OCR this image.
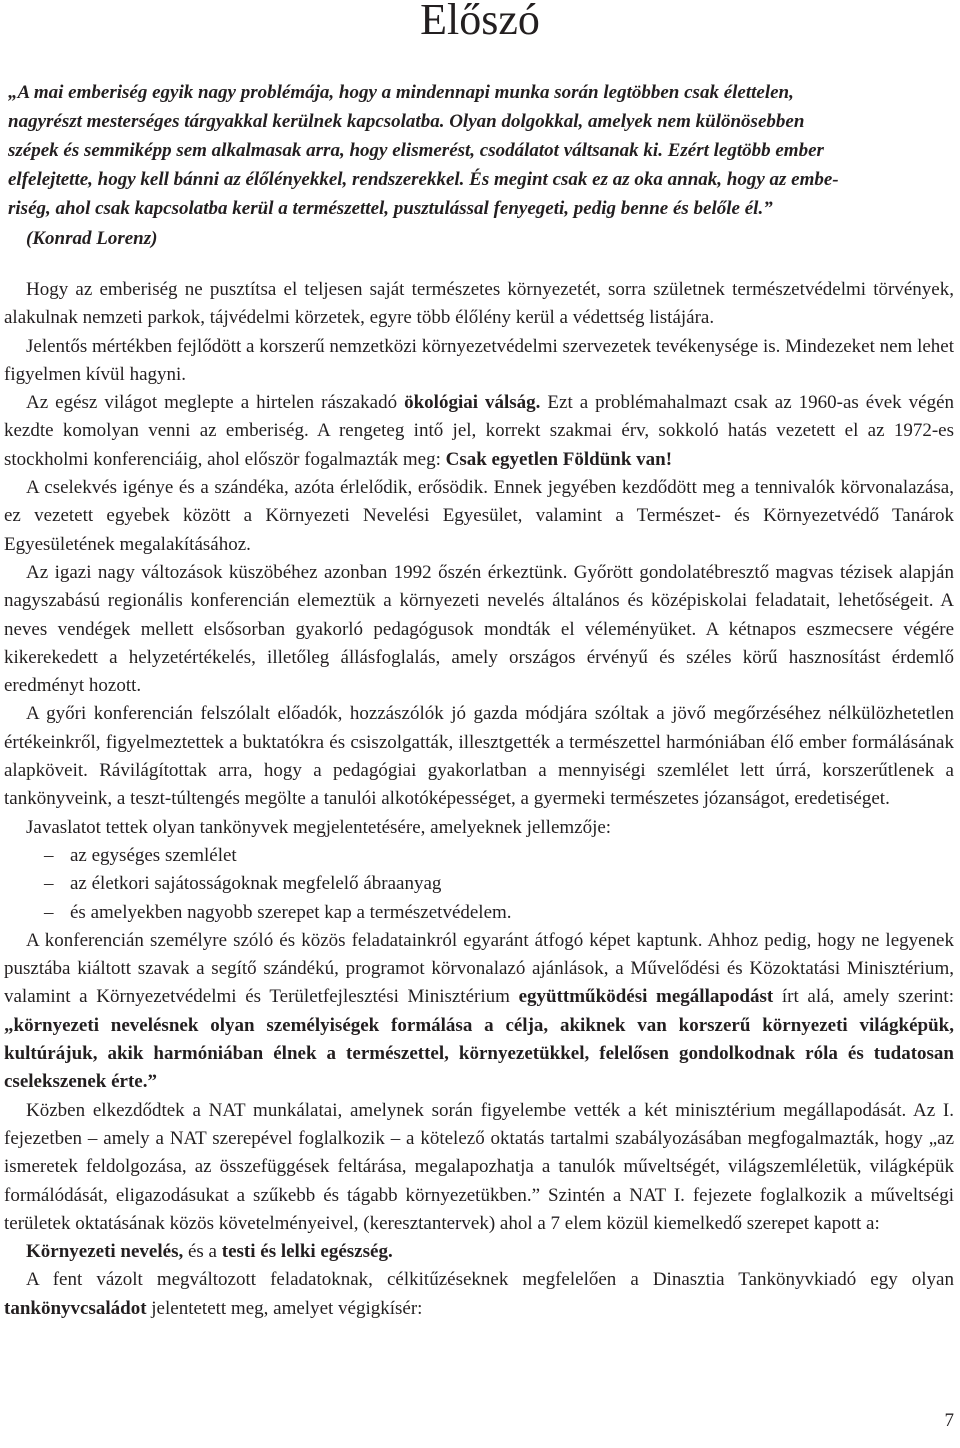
Előszó
„A mai emberiség egyik nagy problémája, hogy a mindennapi munka során legtöbben csak élettelen,
nagyrészt mesterséges tárgyakkal kerülnek kapcsolatba. Olyan dolgokkal, amelyek nem különösebben
szépek és semmiképp sem alkalmasak arra, hogy elismerést, csodálatot váltsanak ki. Ezért legtöbb ember
elfelejtette, hogy kell bánni az élőlényekkel, rendszerekkel. És megint csak ez az oka annak, hogy az embe-
riség, ahol csak kapcsolatba kerül a természettel, pusztulással fenyegeti, pedig benne és belőle él.”
(Konrad Lorenz)

Hogy az emberiség ne pusztítsa el teljesen saját természetes környezetét, sorra születnek természetvédelmi törvények, alakulnak nemzeti parkok, tájvédelmi körzetek, egyre több élőlény kerül a védettség listájára.

Jelentős mértékben fejlődött a korszerű nemzetközi környezetvédelmi szervezetek tevékenysége is. Mindezeket nem lehet figyelmen kívül hagyni.

Az egész világot meglepte a hirtelen rászakadó ökológiai válság. Ezt a problémahalmazt csak az 1960-as évek végén kezdte komolyan venni az emberiség. A rengeteg intő jel, korrekt szakmai érv, sokkoló hatás vezetett el az 1972-es stockholmi konferenciáig, ahol először fogalmazták meg: Csak egyetlen Földünk van!

A cselekvés igénye és a szándéka, azóta érlelődik, erősödik. Ennek jegyében kezdődött meg a tennivalók körvonalazása, ez vezetett egyebek között a Környezeti Nevelési Egyesület, valamint a Természet- és Környezetvédő Tanárok Egyesületének megalakításához.

Az igazi nagy változások küszöbéhez azonban 1992 őszén érkeztünk. Győrött gondolatébresztő magvas tézisek alapján nagyszabású regionális konferencián elemeztük a környezeti nevelés általános és középiskolai feladatait, lehetőségeit. A neves vendégek mellett elsősorban gyakorló pedagógusok mondták el véleményüket. A kétnapos eszmecsere végére kikerekedett a helyzetértékelés, illetőleg állásfoglalás, amely országos érvényű és széles körű hasznosítást érdemlő eredményt hozott.

A győri konferencián felszólalt előadók, hozzászólók jó gazda módjára szóltak a jövő megőrzéséhez nélkülözhetetlen értékeinkről, figyelmeztettek a buktatókra és csiszolgatták, illesztgették a természettel harmóniában élő ember formálásának alapköveit. Rávilágítottak arra, hogy a pedagógiai gyakorlatban a mennyiségi szemlélet lett úrrá, korszerűtlenek a tankönyveink, a teszt-túltengés megölte a tanulói alkotóképességet, a gyermeki természetes józanságot, eredetiséget.

Javaslatot tettek olyan tankönyvek megjelentetésére, amelyeknek jellemzője:

– az egységes szemlélet
– az életkori sajátosságoknak megfelelő ábraanyag
– és amelyekben nagyobb szerepet kap a természetvédelem.

A konferencián személyre szóló és közös feladatainkról egyaránt átfogó képet kaptunk. Ahhoz pedig, hogy ne legyenek pusztába kiáltott szavak a segítő szándékú, programot körvonalazó ajánlások, a Művelődési és Közoktatási Minisztérium, valamint a Környezetvédelmi és Területfejlesztési Minisztérium együttműködési megállapodást írt alá, amely szerint: „környezeti nevelésnek olyan személyiségek formálása a célja, akiknek van korszerű környezeti világképük, kultúrájuk, akik harmóniában élnek a természettel, környezetükkel, felelősen gondolkodnak róla és tudatosan cselekszenek érte.”

Közben elkezdődtek a NAT munkálatai, amelynek során figyelembe vették a két minisztérium megállapodását. Az I. fejezetben – amely a NAT szerepével foglalkozik – a kötelező oktatás tartalmi szabályozásában megfogalmazták, hogy „az ismeretek feldolgozása, az összefüggések feltárása, megalapozhatja a tanulók műveltségét, világszemléletük, világképük formálódását, eligazodásukat a szűkebb és tágabb környezetükben.” Szintén a NAT I. fejezete foglalkozik a műveltségi területek oktatásának közös követelményeivel, (keresztantervek) ahol a 7 elem közül kiemelkedő szerepet kapott a:

Környezeti nevelés, és a testi és lelki egészség.

A fent vázolt megváltozott feladatoknak, célkitűzéseknek megfelelően a Dinasztia Tankönyvkiadó egy olyan tankönyvcsaládot jelentetett meg, amelyet végigkísér:

7
